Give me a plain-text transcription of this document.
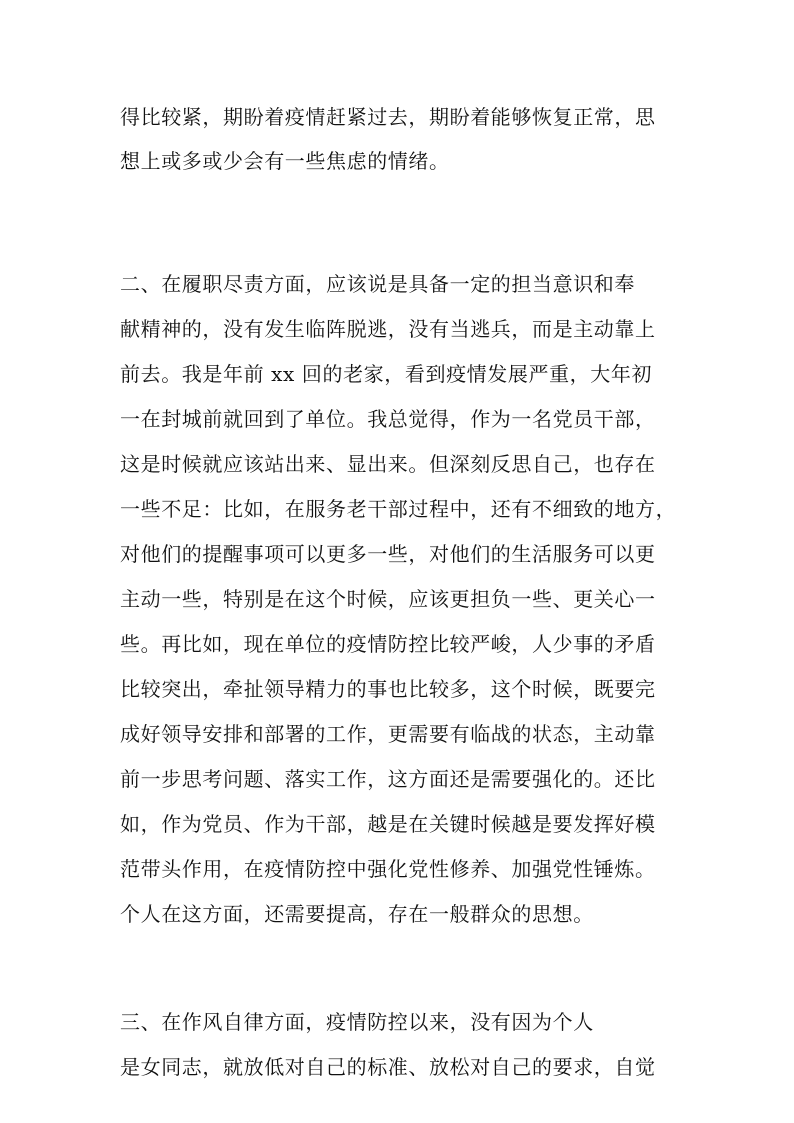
得比较紧，期盼着疫情赶紧过去，期盼着能够恢复正常，思
想上或多或少会有一些焦虑的情绪。
二、在履职尽责方面，应该说是具备一定的担当意识和奉
献精神的，没有发生临阵脱逃，没有当逃兵，而是主动靠上
前去。我是年前 xx 回的老家，看到疫情发展严重，大年初
一在封城前就回到了单位。我总觉得，作为一名党员干部，
这是时候就应该站出来、显出来。但深刻反思自己，也存在
一些不足：比如，在服务老干部过程中，还有不细致的地方，
对他们的提醒事项可以更多一些，对他们的生活服务可以更
主动一些，特别是在这个时候，应该更担负一些、更关心一
些。再比如，现在单位的疫情防控比较严峻，人少事的矛盾
比较突出，牵扯领导精力的事也比较多，这个时候，既要完
成好领导安排和部署的工作，更需要有临战的状态，主动靠
前一步思考问题、落实工作，这方面还是需要强化的。还比
如，作为党员、作为干部，越是在关键时候越是要发挥好模
范带头作用，在疫情防控中强化党性修养、加强党性锤炼。
个人在这方面，还需要提高，存在一般群众的思想。
三、在作风自律方面，疫情防控以来，没有因为个人
是女同志，就放低对自己的标准、放松对自己的要求，自觉
